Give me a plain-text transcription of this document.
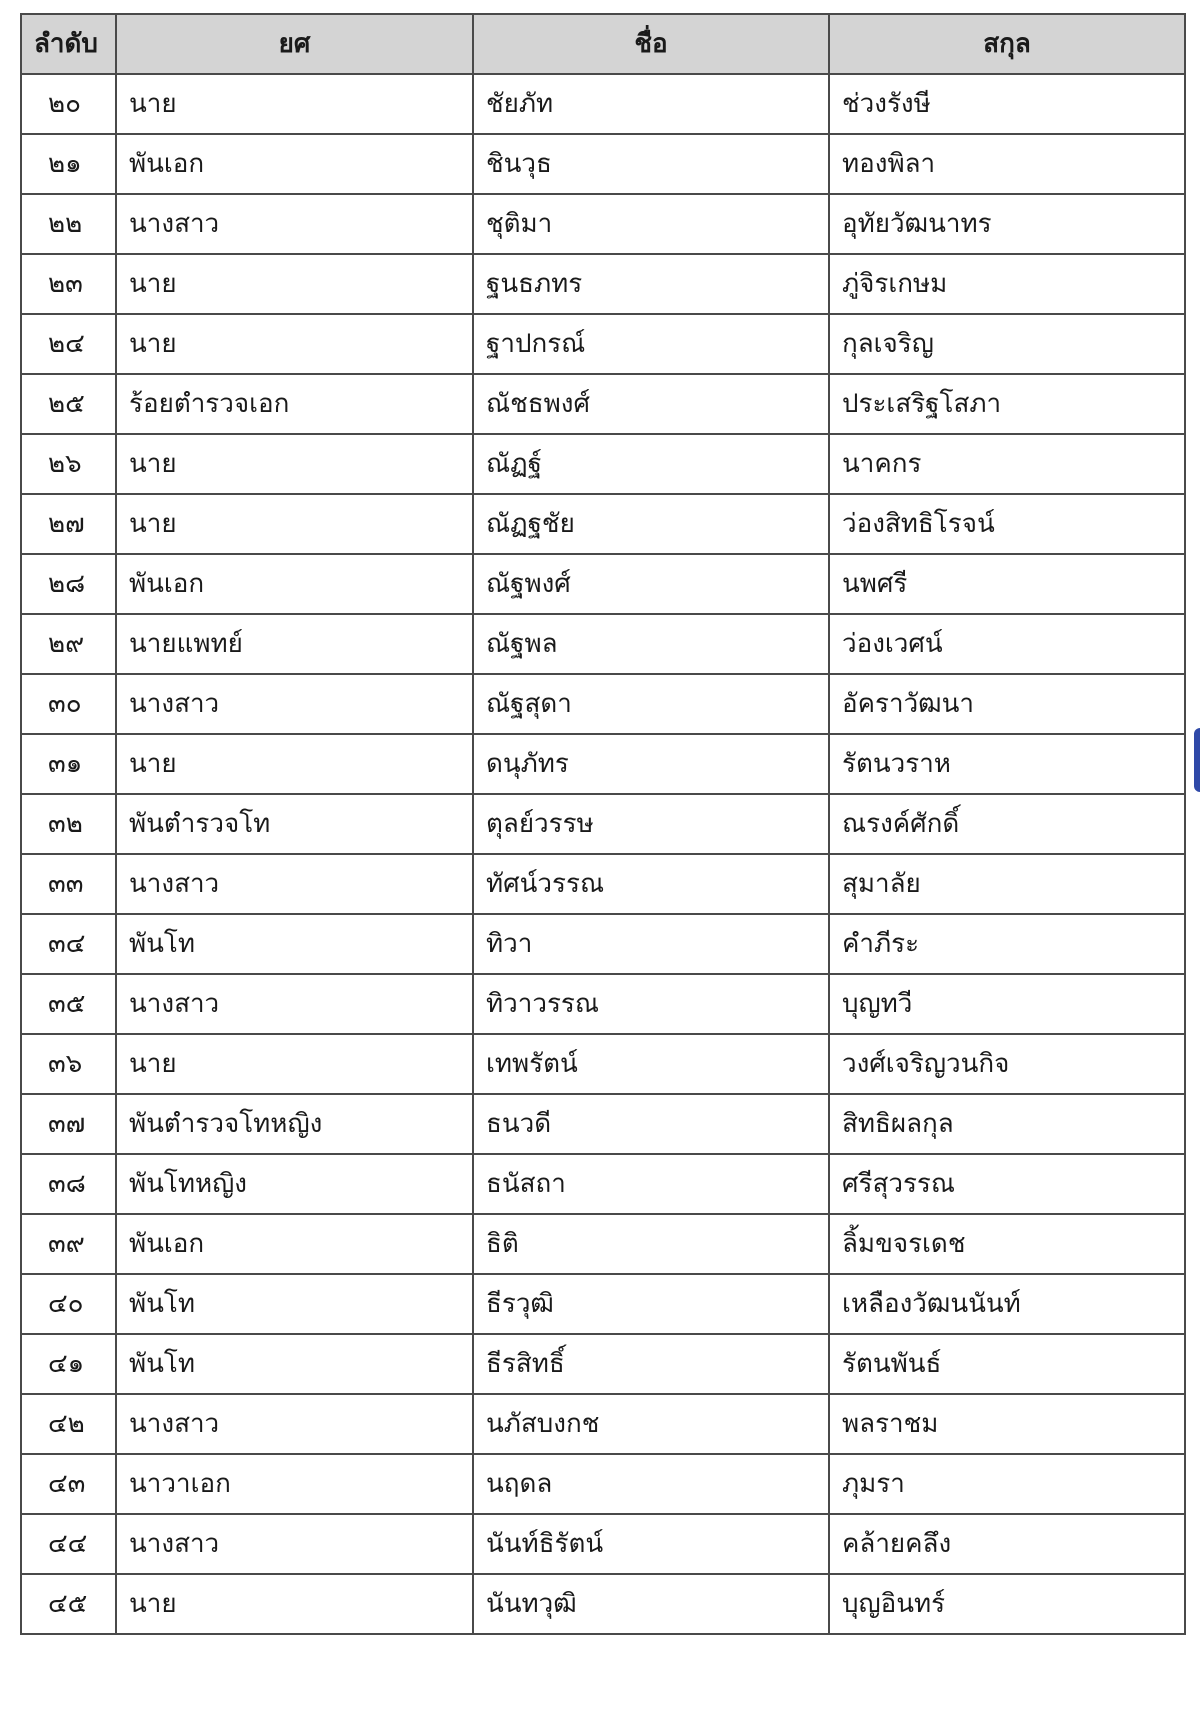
ลำดับ	ยศ	ชื่อ	สกุล
๒๐	นาย	ชัยภัท	ช่วงรังษี
๒๑	พันเอก	ชินวุธ	ทองพิลา
๒๒	นางสาว	ชุติมา	อุทัยวัฒนาทร
๒๓	นาย	ฐนธภทร	ภู่จิรเกษม
๒๔	นาย	ฐาปกรณ์	กุลเจริญ
๒๕	ร้อยตำรวจเอก	ณัชธพงศ์	ประเสริฐโสภา
๒๖	นาย	ณัฏฐ์	นาคกร
๒๗	นาย	ณัฏฐชัย	ว่องสิทธิโรจน์
๒๘	พันเอก	ณัฐพงศ์	นพศรี
๒๙	นายแพทย์	ณัฐพล	ว่องเวศน์
๓๐	นางสาว	ณัฐสุดา	อัคราวัฒนา
๓๑	นาย	ดนุภัทร	รัตนวราห
๓๒	พันตำรวจโท	ตุลย์วรรษ	ณรงค์ศักดิ์
๓๓	นางสาว	ทัศน์วรรณ	สุมาลัย
๓๔	พันโท	ทิวา	คำภีระ
๓๕	นางสาว	ทิวาวรรณ	บุญทวี
๓๖	นาย	เทพรัตน์	วงศ์เจริญวนกิจ
๓๗	พันตำรวจโทหญิง	ธนวดี	สิทธิผลกุล
๓๘	พันโทหญิง	ธนัสถา	ศรีสุวรรณ
๓๙	พันเอก	ธิติ	ลิ้มขจรเดช
๔๐	พันโท	ธีรวุฒิ	เหลืองวัฒนนันท์
๔๑	พันโท	ธีรสิทธิ์	รัตนพันธ์
๔๒	นางสาว	นภัสบงกช	พลราชม
๔๓	นาวาเอก	นฤดล	ภุมรา
๔๔	นางสาว	นันท์ธิรัตน์	คล้ายคลึง
๔๕	นาย	นันทวุฒิ	บุญอินทร์
